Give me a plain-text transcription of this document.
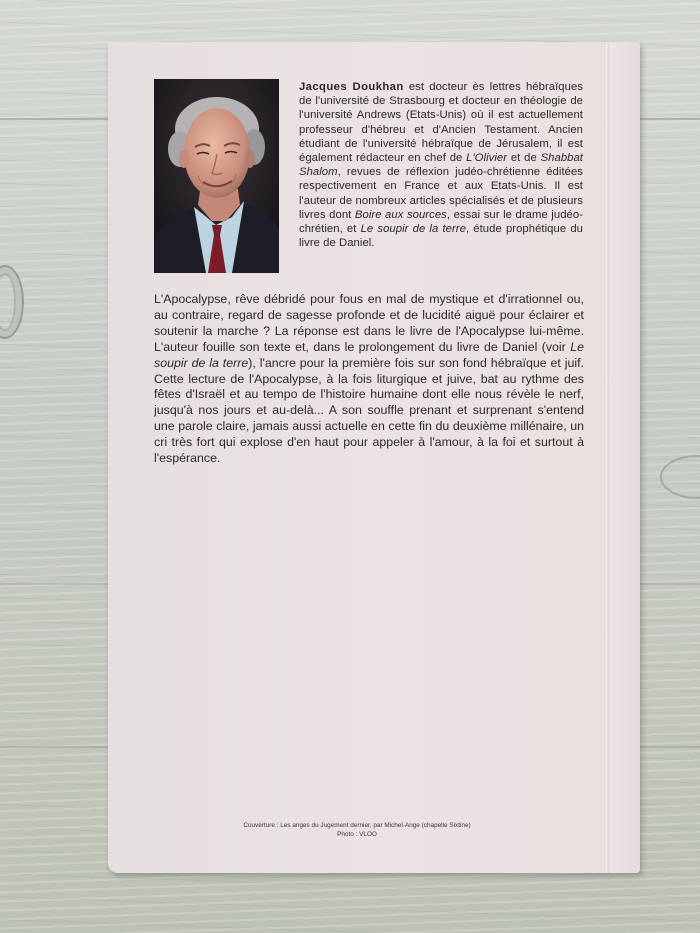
Jacques Doukhan est docteur ès lettres hébraïques de l'université de Strasbourg et docteur en théologie de l'université Andrews (Etats-Unis) où il est actuellement professeur d'hébreu et d'Ancien Testament. Ancien étudiant de l'université hébraïque de Jérusalem, il est également rédacteur en chef de L'Olivier et de Shabbat Shalom, revues de réflexion judéo-chrétienne éditées respectivement en France et aux Etats-Unis. Il est l'auteur de nombreux articles spécialisés et de plusieurs livres dont Boire aux sources, essai sur le drame judéo-chrétien, et Le soupir de la terre, étude prophétique du livre de Daniel.
L'Apocalypse, rêve débridé pour fous en mal de mystique et d'irrationnel ou, au contraire, regard de sagesse profonde et de lucidité aiguë pour éclairer et soutenir la marche ? La réponse est dans le livre de l'Apocalypse lui-même. L'auteur fouille son texte et, dans le prolongement du livre de Daniel (voir Le soupir de la terre), l'ancre pour la première fois sur son fond hébraïque et juif. Cette lecture de l'Apocalypse, à la fois liturgique et juive, bat au rythme des fêtes d'Israël et au tempo de l'histoire humaine dont elle nous révèle le nerf, jusqu'à nos jours et au-delà... A son souffle prenant et surprenant s'entend une parole claire, jamais aussi actuelle en cette fin du deuxième millénaire, un cri très fort qui explose d'en haut pour appeler à l'amour, à la foi et surtout à l'espérance.
Couverture : Les anges du Jugement dernier, par Michel-Ange (chapelle Sixtine)
Photo : VLOO
